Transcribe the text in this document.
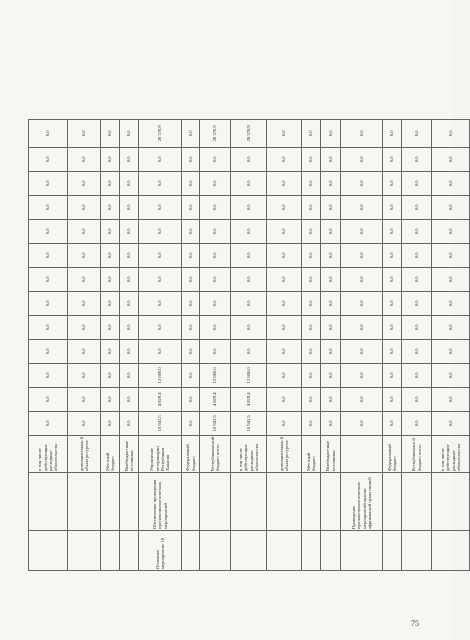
		в том числе действующие расходные обязательства	0,0	0,0	0,0	0,0	0,0	0,0	0,0	0,0	0,0	0,0	0,0	0,0	0,0
		дополнительны й объем ресурсов	0,0	0,0	0,0	0,0	0,0	0,0	0,0	0,0	0,0	0,0	0,0	0,0	0,0
		Местный бюджет	0,0	0,0	0,0	0,0	0,0	0,0	0,0	0,0	0,0	0,0	0,0	0,0	0,0
		Внебюджетные источники	0,0	0,0	0,0	0,0	0,0	0,0	0,0	0,0	0,0	0,0	0,0	0,0	0,0
Основное мероприятие 10	Обеспечение проведения противоэпизоотических мероприятий	Управление ветеринарии Республики Хакасия	10 941,5	4 829,4	12 800,0	0,0	0,0	0,0	0,0	0,0	0,0	0,0	0,0	0,0	28 370,9
		Федеральный бюджет	0,0	0,0	0,0	0,0	0,0	0,0	0,0	0,0	0,0	0,0	0,0	0,0	0,0
		Республиканский бюджет всего	10 941,5	4 829,4	12 800,0	0,0	0,0	0,0	0,0	0,0	0,0	0,0	0,0	0,0	28 370,9
		в том числе действующие расходные обязательства	10 941,5	4 829,4	12 800,0	0,0	0,0	0,0	0,0	0,0	0,0	0,0	0,0	0,0	28 370,9
		дополнительны й объем ресурсов	0,0	0,0	0,0	0,0	0,0	0,0	0,0	0,0	0,0	0,0	0,0	0,0	0,0
		Местный бюджет	0,0	0,0	0,0	0,0	0,0	0,0	0,0	0,0	0,0	0,0	0,0	0,0	0,0
		Внебюджетные источники	0,0	0,0	0,0	0,0	0,0	0,0	0,0	0,0	0,0	0,0	0,0	0,0	0,0
	Проведение противоэпизоотических мероприятий против африканской чумы свиней		0,0	0,0	0,0	0,0	0,0	0,0	0,0	0,0	0,0	0,0	0,0	0,0	0,0
		Федеральный бюджет	0,0	0,0	0,0	0,0	0,0	0,0	0,0	0,0	0,0	0,0	0,0	0,0	0,0
		Республиканск й бюджет всего	0,0	0,0	0,0	0,0	0,0	0,0	0,0	0,0	0,0	0,0	0,0	0,0	0,0
		в том числе действующие расходные обязательства	0,0	0,0	0,0	0,0	0,0	0,0	0,0	0,0	0,0	0,0	0,0	0,0	0,0
75
